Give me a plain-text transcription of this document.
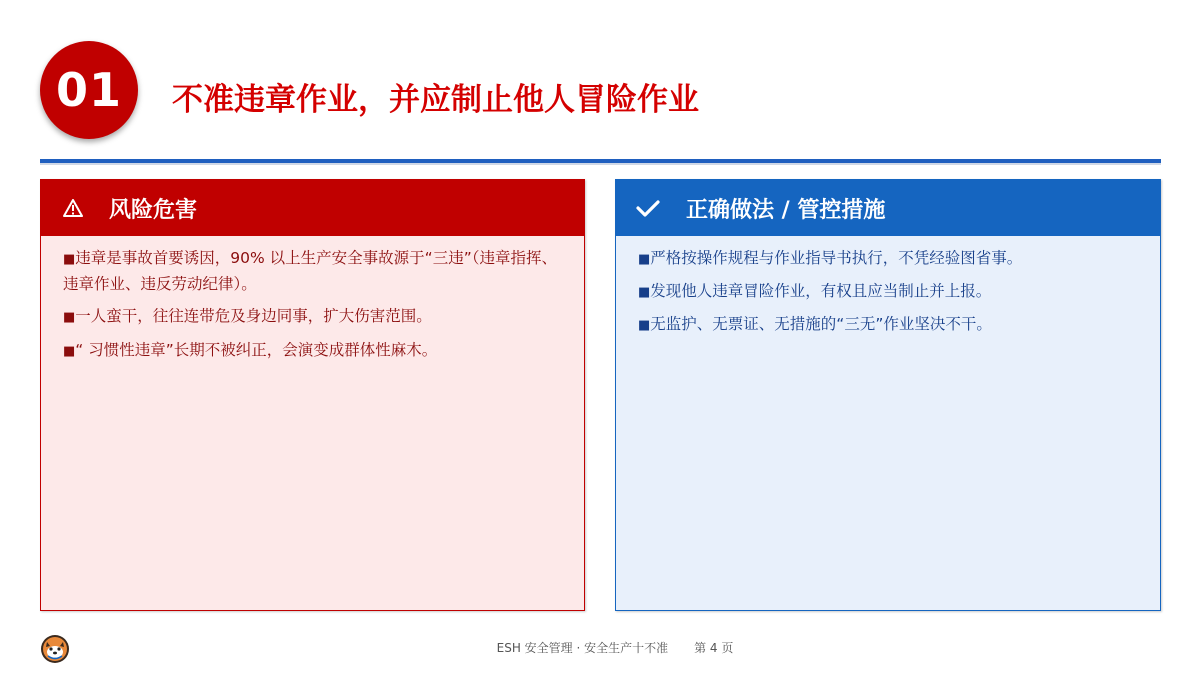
01 不准违章作业，并应制止他人冒险作业
风险危害
■违章是事故首要诱因，90% 以上生产安全事故源于“三违”（违章指挥、违章作业、违反劳动纪律）。
■一人蛮干，往往连带危及身边同事，扩大伤害范围。
■“ 习惯性违章”长期不被纠正，会演变成群体性麻木。
正确做法 / 管控措施
■严格按操作规程与作业指导书执行，不凭经验图省事。
■发现他人违章冒险作业，有权且应当制止并上报。
■无监护、无票证、无措施的“三无”作业坚决不干。
ESH 安全管理 · 安全生产十不准 第 4 页
